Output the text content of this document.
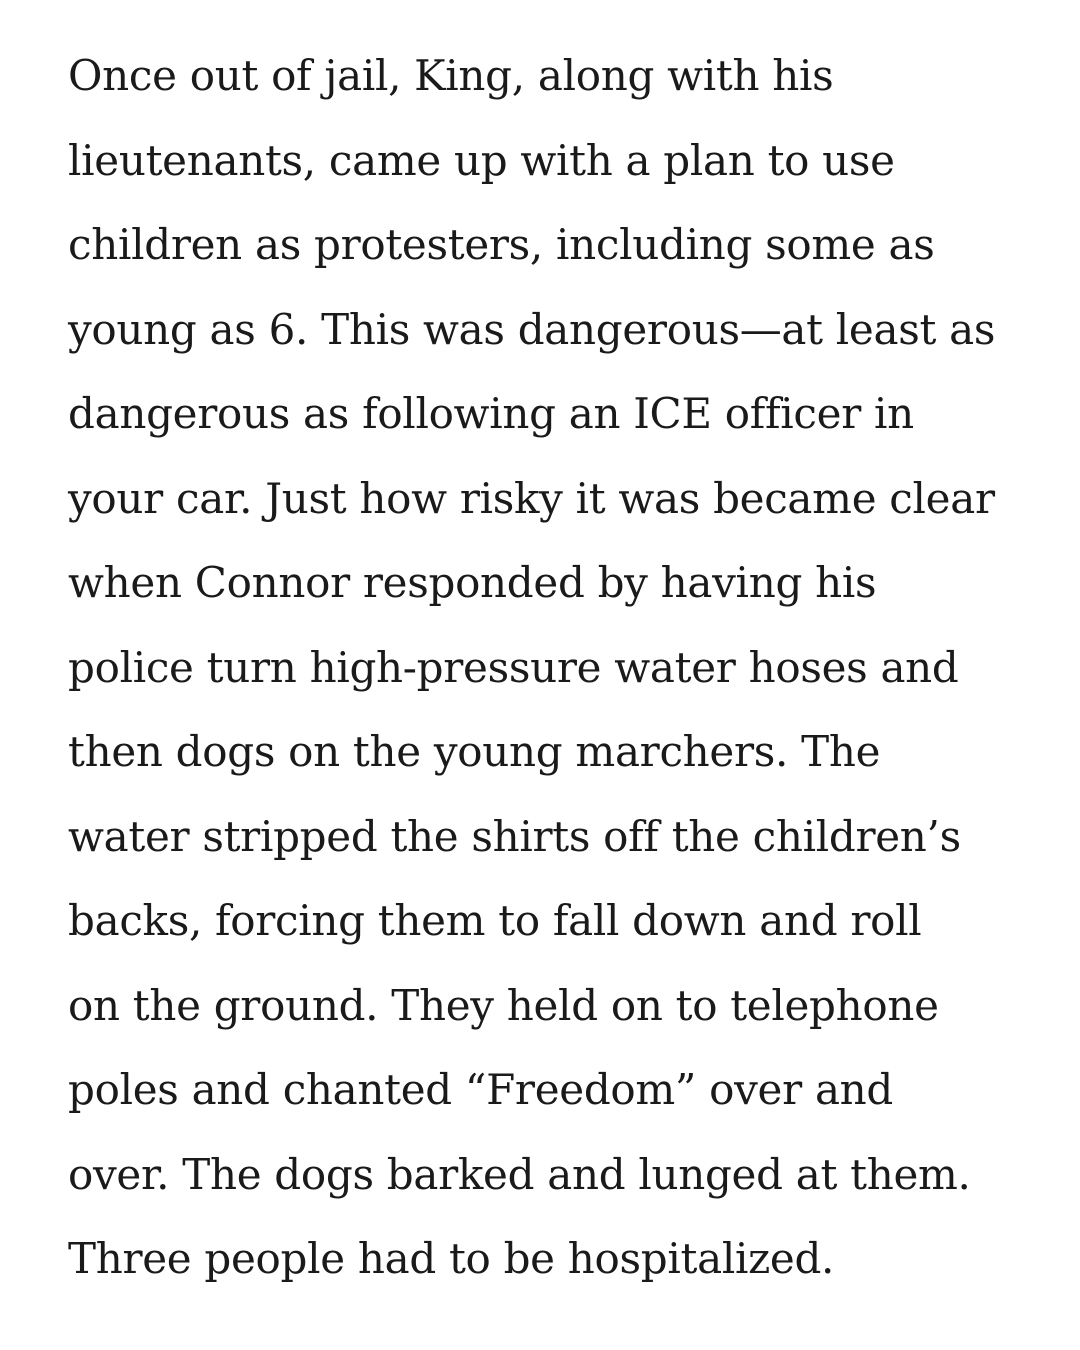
Once out of jail, King, along with his
lieutenants, came up with a plan to use
children as protesters, including some as
young as 6. This was dangerous—at least as
dangerous as following an ICE officer in
your car. Just how risky it was became clear
when Connor responded by having his
police turn high-pressure water hoses and
then dogs on the young marchers. The
water stripped the shirts off the children’s
backs, forcing them to fall down and roll
on the ground. They held on to telephone
poles and chanted “Freedom” over and
over. The dogs barked and lunged at them.
Three people had to be hospitalized.
